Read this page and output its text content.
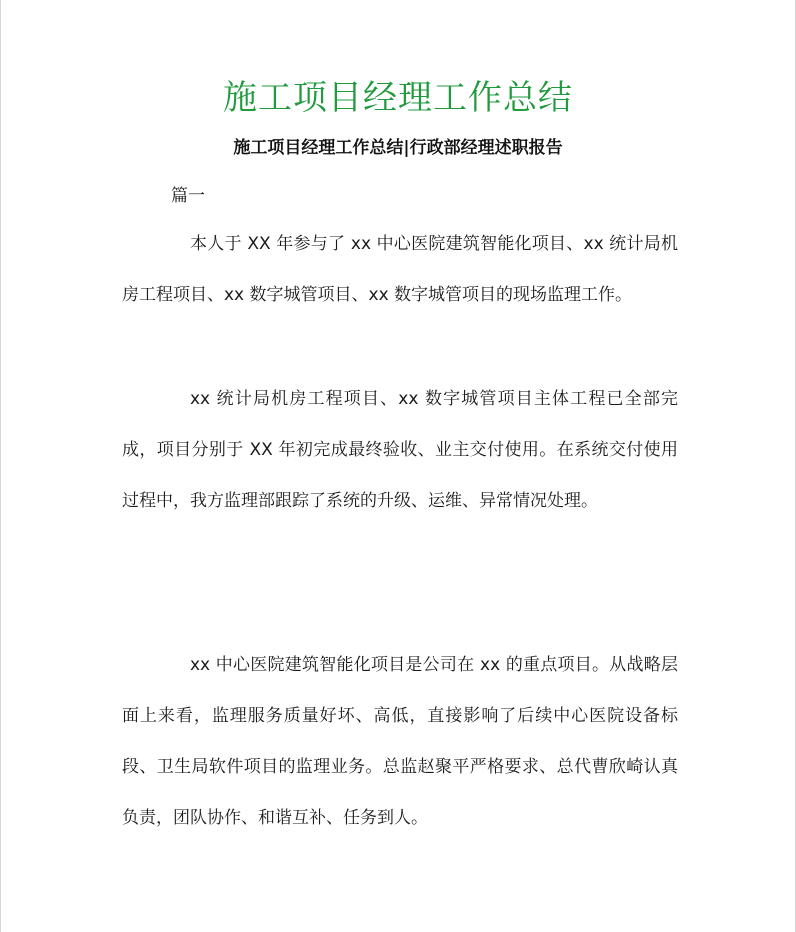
施工项目经理工作总结
施工项目经理工作总结|行政部经理述职报告
篇一

本人于 XX 年参与了 xx 中心医院建筑智能化项目、xx 统计局机房工程项目、xx 数字城管项目、xx 数字城管项目的现场监理工作。

xx 统计局机房工程项目、xx 数字城管项目主体工程已全部完成，项目分别于 XX 年初完成最终验收、业主交付使用。在系统交付使用过程中，我方监理部跟踪了系统的升级、运维、异常情况处理。

xx 中心医院建筑智能化项目是公司在 xx 的重点项目。从战略层面上来看，监理服务质量好坏、高低，直接影响了后续中心医院设备标段、卫生局软件项目的监理业务。总监赵聚平严格要求、总代曹欣崎认真负责，团队协作、和谐互补、任务到人。
